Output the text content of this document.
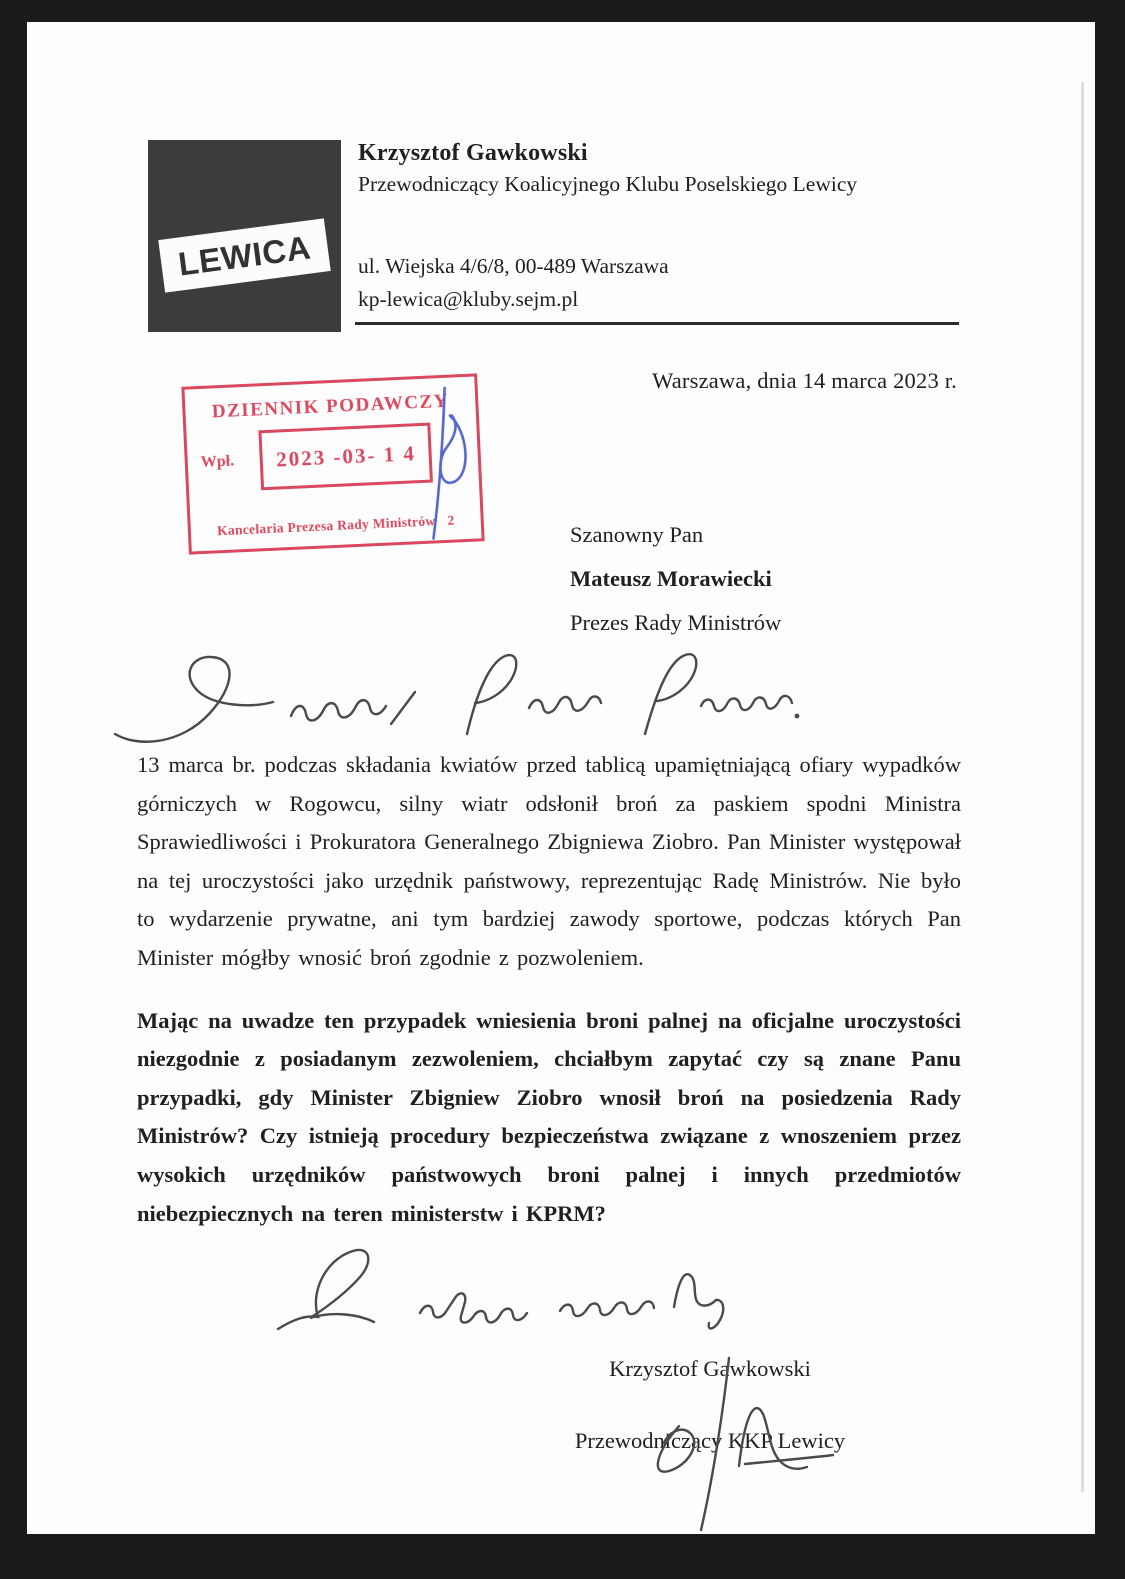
LEWICA
Krzysztof Gawkowski
Przewodniczący Koalicyjnego Klubu Poselskiego Lewicy
ul. Wiejska 4/6/8, 00-489 Warszawa
kp-lewica@kluby.sejm.pl
Warszawa, dnia 14 marca 2023 r.
DZIENNIK PODAWCZY
Wpł.	2023 -03- 1 4
Kancelaria Prezesa Rady Ministrów 2
Szanowny Pan
Mateusz Morawiecki
Prezes Rady Ministrów

13 marca br. podczas składania kwiatów przed tablicą upamiętniającą ofiary wypadków górniczych w Rogowcu, silny wiatr odsłonił broń za paskiem spodni Ministra Sprawiedliwości i Prokuratora Generalnego Zbigniewa Ziobro. Pan Minister występował na tej uroczystości jako urzędnik państwowy, reprezentując Radę Ministrów. Nie było to wydarzenie prywatne, ani tym bardziej zawody sportowe, podczas których Pan Minister mógłby wnosić broń zgodnie z pozwoleniem.

Mając na uwadze ten przypadek wniesienia broni palnej na oficjalne uroczystości niezgodnie z posiadanym zezwoleniem, chciałbym zapytać czy są znane Panu przypadki, gdy Minister Zbigniew Ziobro wnosił broń na posiedzenia Rady Ministrów? Czy istnieją procedury bezpieczeństwa związane z wnoszeniem przez wysokich urzędników państwowych broni palnej i innych przedmiotów niebezpiecznych na teren ministerstw i KPRM?

Krzysztof Gawkowski
Przewodniczący KKP Lewicy
